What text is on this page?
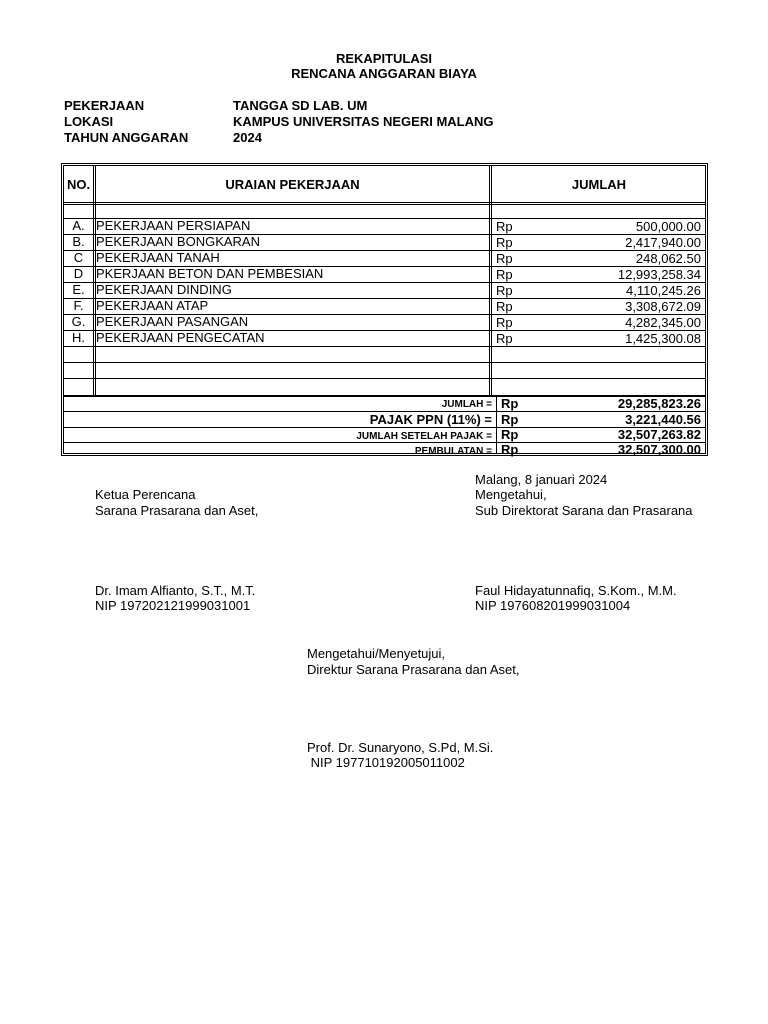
REKAPITULASI
RENCANA ANGGARAN BIAYA
PEKERJAAN	TANGGA SD LAB. UM
LOKASI	KAMPUS UNIVERSITAS NEGERI MALANG
TAHUN ANGGARAN	2024
NO.	URAIAN PEKERJAAN	JUMLAH
A. PEKERJAAN PERSIAPAN	Rp	500,000.00
B. PEKERJAAN BONGKARAN	Rp	2,417,940.00
C PEKERJAAN TANAH	Rp	248,062.50
D PKERJAAN BETON DAN PEMBESIAN	Rp	12,993,258.34
E. PEKERJAAN DINDING	Rp	4,110,245.26
F. PEKERJAAN ATAP	Rp	3,308,672.09
G. PEKERJAAN PASANGAN	Rp	4,282,345.00
H. PEKERJAAN PENGECATAN	Rp	1,425,300.08
JUMLAH = Rp	29,285,823.26
PAJAK PPN (11%) = Rp	3,221,440.56
JUMLAH SETELAH PAJAK = Rp	32,507,263.82
PEMBULATAN = Rp	32,507,300.00
Malang, 8 januari 2024
Ketua Perencana
Sarana Prasarana dan Aset,
Dr. Imam Alfianto, S.T., M.T.
NIP 197202121999031001
Mengetahui,
Sub Direktorat Sarana dan Prasarana
Faul Hidayatunnafiq, S.Kom., M.M.
NIP 197608201999031004
Mengetahui/Menyetujui,
Direktur Sarana Prasarana dan Aset,
Prof. Dr. Sunaryono, S.Pd, M.Si.
NIP 197710192005011002
